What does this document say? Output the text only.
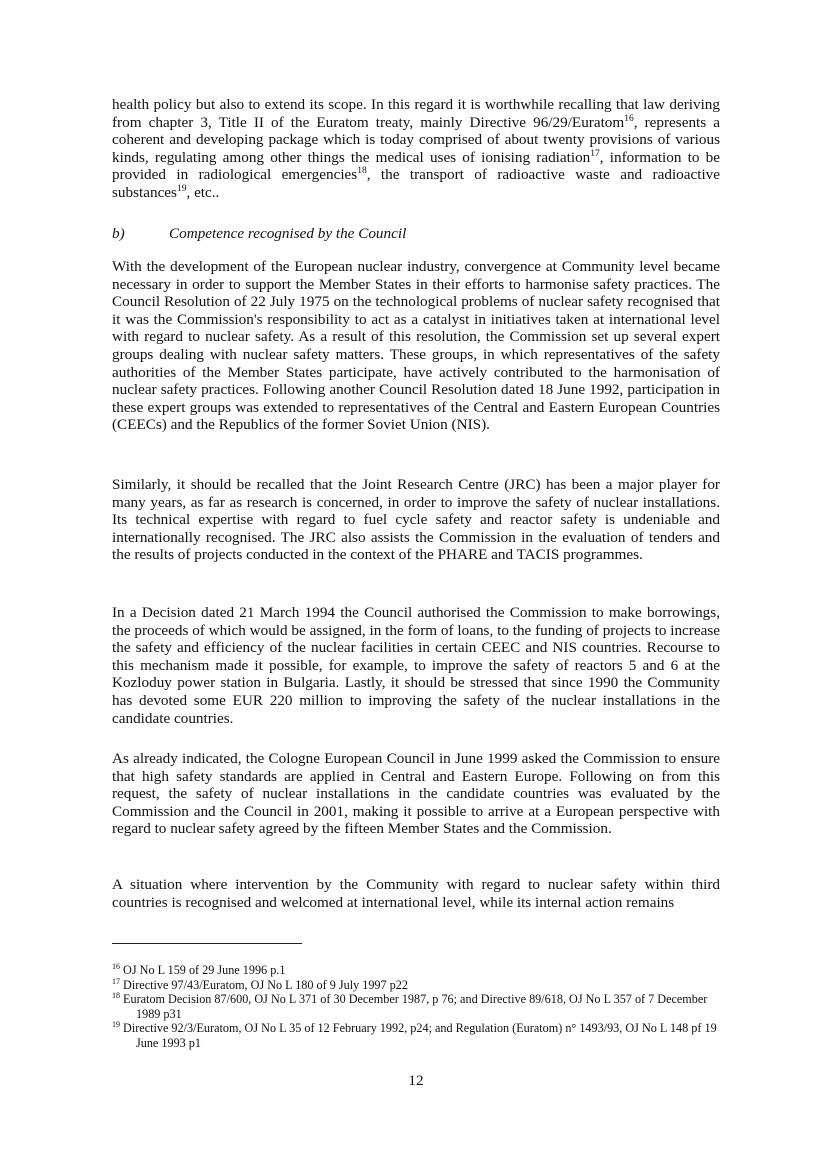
health policy but also to extend its scope. In this regard it is worthwhile recalling that law deriving from chapter 3, Title II of the Euratom treaty, mainly Directive 96/29/Euratom$^{16}$, represents a coherent and developing package which is today comprised of about twenty provisions of various kinds, regulating among other things the medical uses of ionising radiation$^{17}$, information to be provided in radiological emergencies$^{18}$, the transport of radioactive waste and radioactive substances$^{19}$, etc..

b)	Competence recognised by the Council

With the development of the European nuclear industry, convergence at Community level became necessary in order to support the Member States in their efforts to harmonise safety practices. The Council Resolution of 22 July 1975 on the technological problems of nuclear safety recognised that it was the Commission's responsibility to act as a catalyst in initiatives taken at international level with regard to nuclear safety. As a result of this resolution, the Commission set up several expert groups dealing with nuclear safety matters. These groups, in which representatives of the safety authorities of the Member States participate, have actively contributed to the harmonisation of nuclear safety practices. Following another Council Resolution dated 18 June 1992, participation in these expert groups was extended to representatives of the Central and Eastern European Countries (CEECs) and the Republics of the former Soviet Union (NIS).

Similarly, it should be recalled that the Joint Research Centre (JRC) has been a major player for many years, as far as research is concerned, in order to improve the safety of nuclear installations. Its technical expertise with regard to fuel cycle safety and reactor safety is undeniable and internationally recognised. The JRC also assists the Commission in the evaluation of tenders and the results of projects conducted in the context of the PHARE and TACIS programmes.

In a Decision dated 21 March 1994 the Council authorised the Commission to make borrowings, the proceeds of which would be assigned, in the form of loans, to the funding of projects to increase the safety and efficiency of the nuclear facilities in certain CEEC and NIS countries. Recourse to this mechanism made it possible, for example, to improve the safety of reactors 5 and 6 at the Kozloduy power station in Bulgaria. Lastly, it should be stressed that since 1990 the Community has devoted some EUR 220 million to improving the safety of the nuclear installations in the candidate countries.

As already indicated, the Cologne European Council in June 1999 asked the Commission to ensure that high safety standards are applied in Central and Eastern Europe. Following on from this request, the safety of nuclear installations in the candidate countries was evaluated by the Commission and the Council in 2001, making it possible to arrive at a European perspective with regard to nuclear safety agreed by the fifteen Member States and the Commission.

A situation where intervention by the Community with regard to nuclear safety within third countries is recognised and welcomed at international level, while its internal action remains

$^{16}$ OJ No L 159 of 29 June 1996 p.1

$^{17}$ Directive 97/43/Euratom, OJ No L 180 of 9 July 1997 p22

$^{18}$ Euratom Decision 87/600, OJ No L 371 of 30 December 1987, p 76; and Directive 89/618, OJ No L 357 of 7 December 1989 p31

$^{19}$ Directive 92/3/Euratom, OJ No L 35 of 12 February 1992, p24; and Regulation (Euratom) n° 1493/93, OJ No L 148 pf 19 June 1993 p1

12
